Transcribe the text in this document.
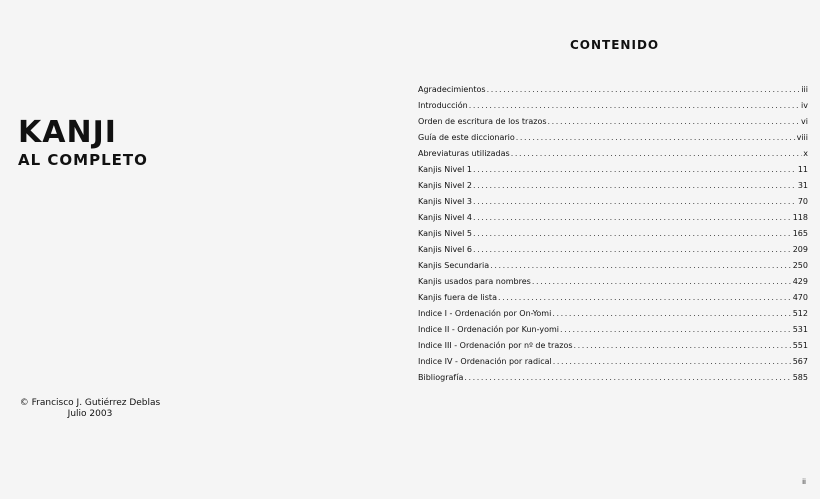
KANJI
AL COMPLETO
© Francisco J. Gutiérrez Deblas
Julio 2003
CONTENIDO
Agradecimientos .....	iii
Introducción .....	iv
Orden de escritura de los trazos .....	vi
Guía de este diccionario .....	viii
Abreviaturas utilizadas .....	x
Kanjis Nivel 1 .....	11
Kanjis Nivel 2 .....	31
Kanjis Nivel 3 .....	70
Kanjis Nivel 4 .....	118
Kanjis Nivel 5 .....	165
Kanjis Nivel 6 .....	209
Kanjis Secundaria .....	250
Kanjis usados para nombres .....	429
Kanjis fuera de lista .....	470
Indice I - Ordenación por On-Yomi .....	512
Indice II - Ordenación por Kun-yomi .....	531
Indice III - Ordenación por nº de trazos .....	551
Indice IV - Ordenación por radical .....	567
Bibliografía .....	585
ii
